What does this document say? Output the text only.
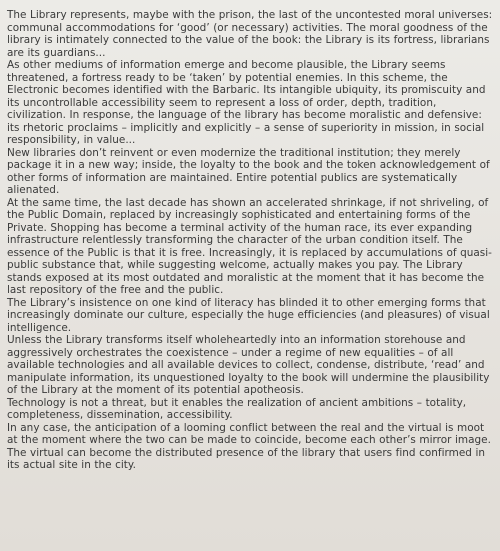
The Library represents, maybe with the prison, the last of the uncontested moral universes: communal accommodations for ‘good’ (or necessary) activities. The moral goodness of the library is intimately connected to the value of the book: the Library is its fortress, librarians are its guardians...

As other mediums of information emerge and become plausible, the Library seems threatened, a fortress ready to be ‘taken’ by potential enemies. In this scheme, the Electronic becomes identified with the Barbaric. Its intangible ubiquity, its promiscuity and its uncontrollable accessibility seem to represent a loss of order, depth, tradition, civilization. In response, the language of the library has become moralistic and defensive: its rhetoric proclaims – implicitly and explicitly – a sense of superiority in mission, in social responsibility, in value...

New libraries don’t reinvent or even modernize the traditional institution; they merely package it in a new way; inside, the loyalty to the book and the token acknowledgement of other forms of information are maintained. Entire potential publics are systematically alienated.

At the same time, the last decade has shown an accelerated shrinkage, if not shriveling, of the Public Domain, replaced by increasingly sophisticated and entertaining forms of the Private. Shopping has become a terminal activity of the human race, its ever expanding infrastructure relentlessly transforming the character of the urban condition itself. The essence of the Public is that it is free. Increasingly, it is replaced by accumulations of quasi-public substance that, while suggesting welcome, actually makes you pay. The Library stands exposed at its most outdated and moralistic at the moment that it has become the last repository of the free and the public.

The Library’s insistence on one kind of literacy has blinded it to other emerging forms that increasingly dominate our culture, especially the huge efficiencies (and pleasures) of visual intelligence.

Unless the Library transforms itself wholeheartedly into an information storehouse and aggressively orchestrates the coexistence – under a regime of new equalities – of all available technologies and all available devices to collect, condense, distribute, ‘read’ and manipulate information, its unquestioned loyalty to the book will undermine the plausibility of the Library at the moment of its potential apotheosis.

Technology is not a threat, but it enables the realization of ancient ambitions – totality, completeness, dissemination, accessibility.

In any case, the anticipation of a looming conflict between the real and the virtual is moot at the moment where the two can be made to coincide, become each other’s mirror image. The virtual can become the distributed presence of the library that users find confirmed in its actual site in the city.
